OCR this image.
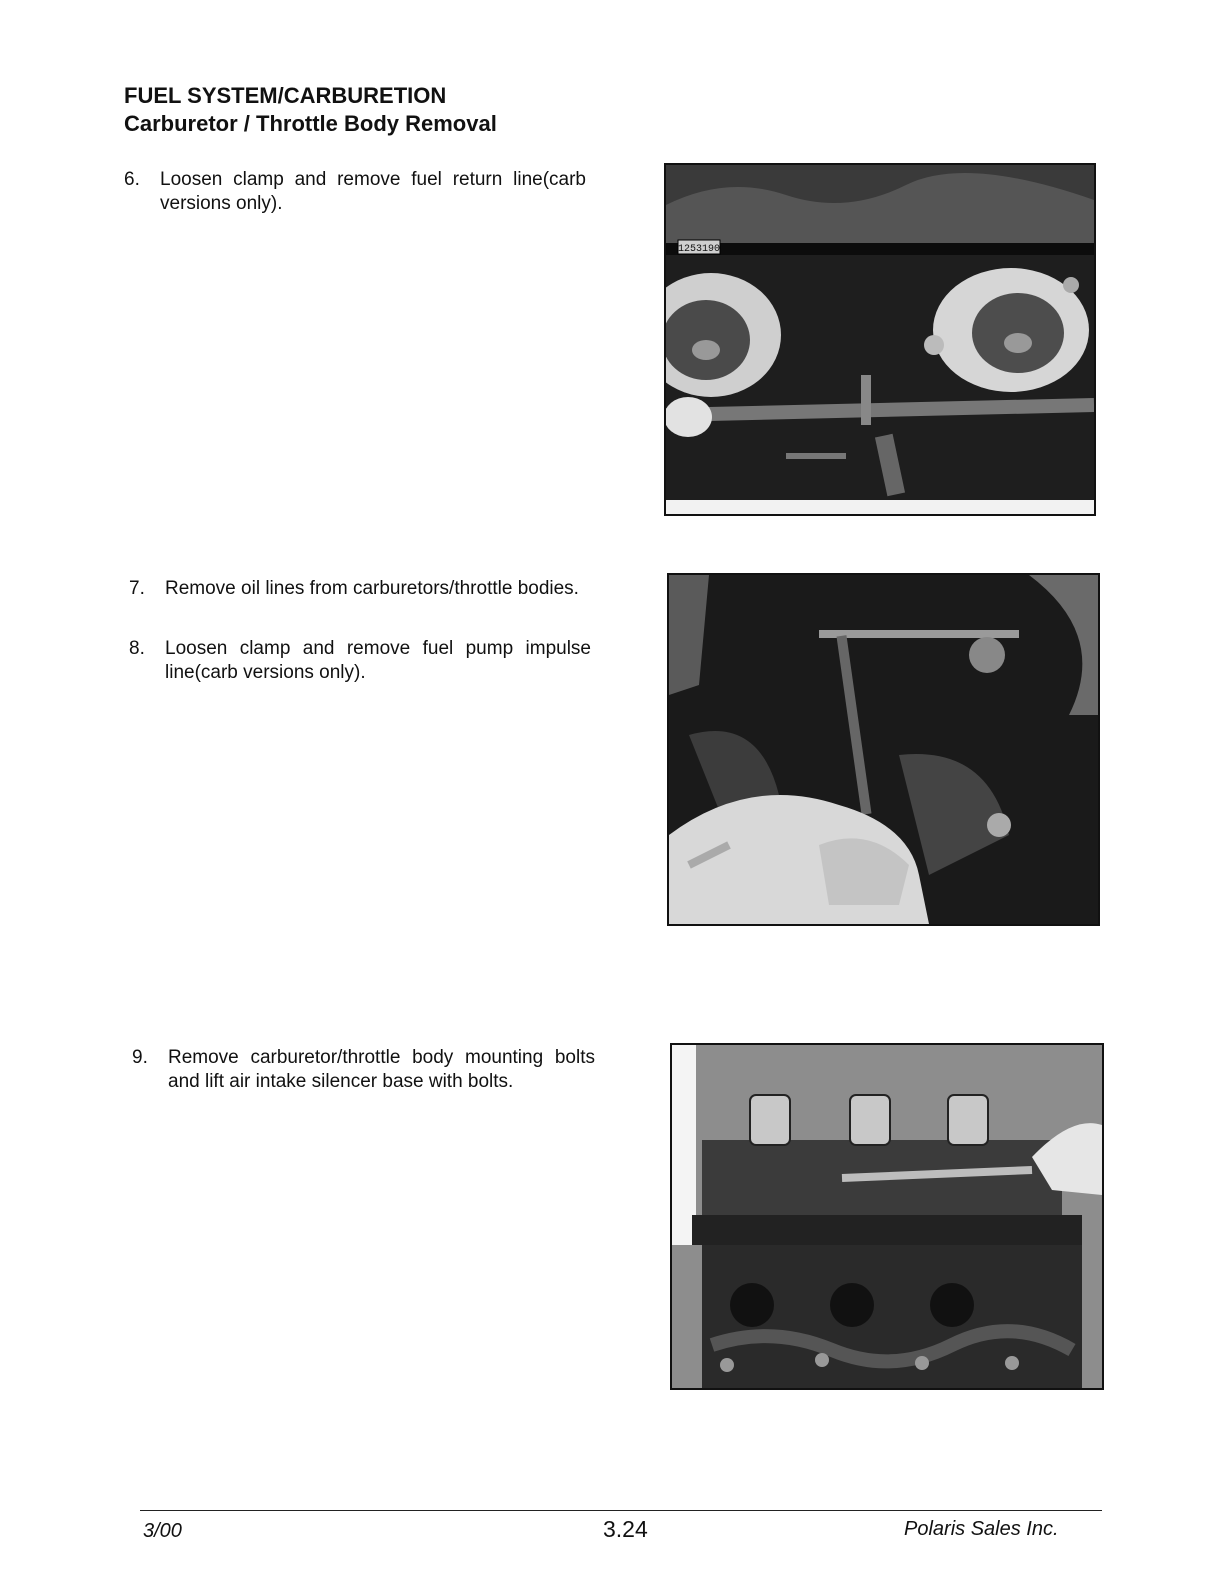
FUEL SYSTEM/CARBURETION
Carburetor / Throttle Body Removal
6.	Loosen clamp and remove fuel return line(carb versions only).
7.	Remove oil lines from carburetors/throttle bodies.
8.	Loosen clamp and remove fuel pump impulse line(carb versions only).
9.	Remove carburetor/throttle body mounting bolts and lift air intake silencer base with bolts.
1253190
3/00	3.24	Polaris Sales Inc.
